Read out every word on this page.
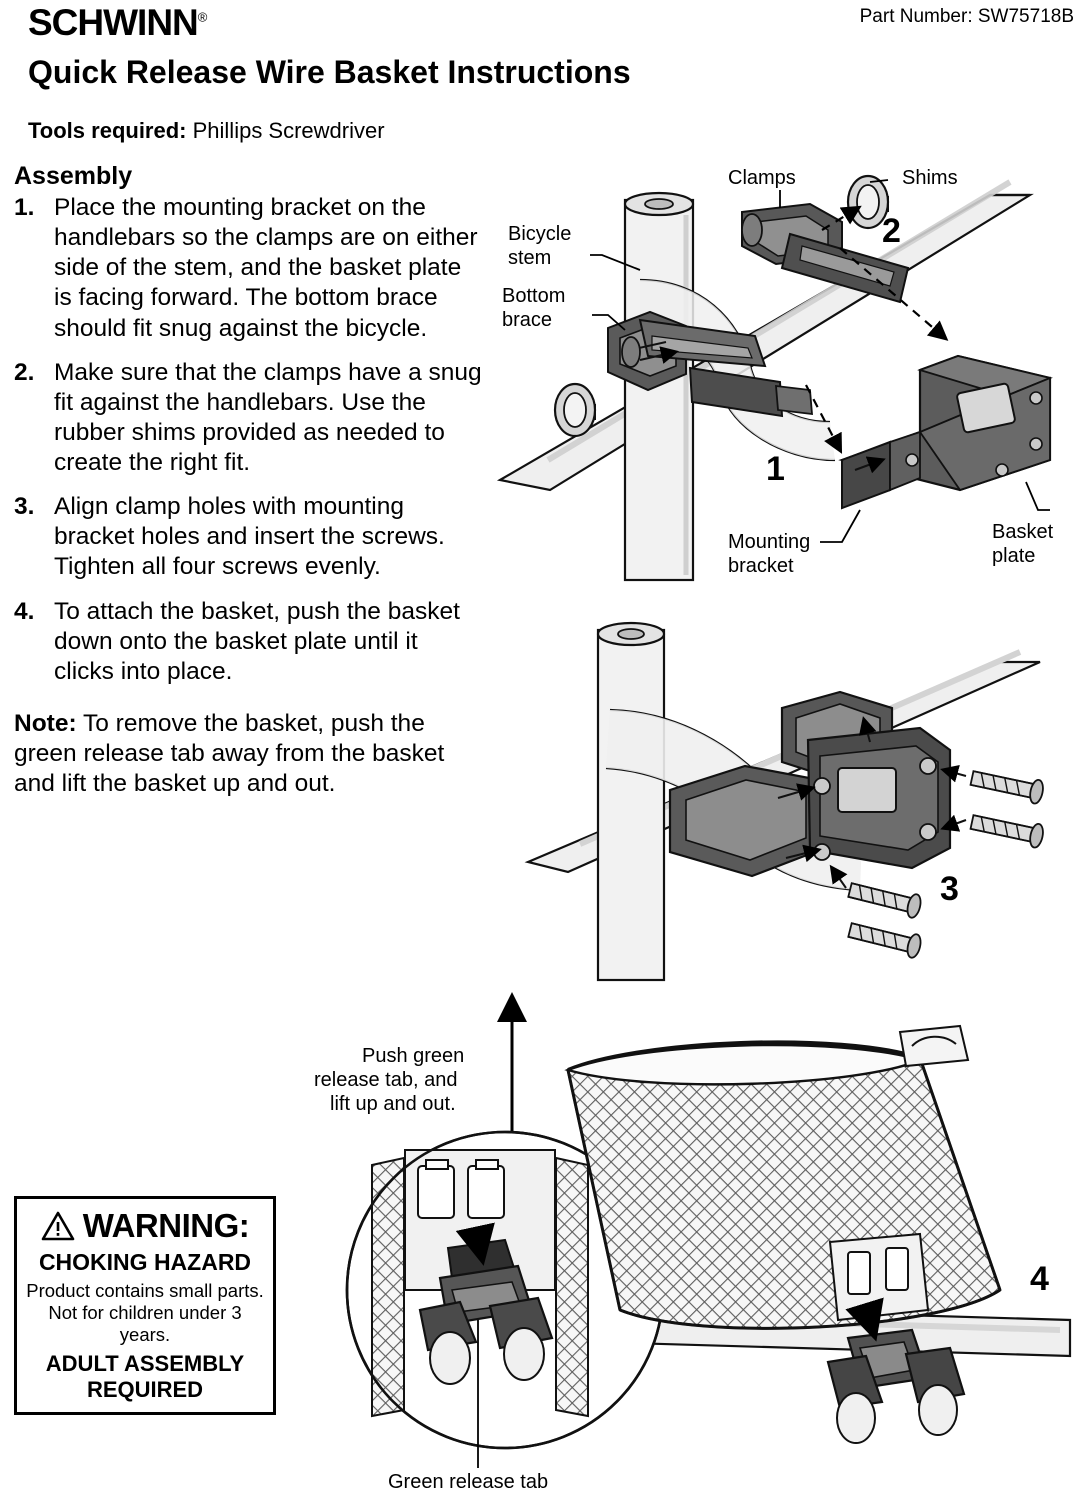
SCHWINN®	Part Number: SW75718B
Quick Release Wire Basket Instructions
Tools required: Phillips Screwdriver
Assembly
1. Place the mounting bracket on the handlebars so the clamps are on either side of the stem, and the basket plate is facing forward. The bottom brace should fit snug against the bicycle.
2. Make sure that the clamps have a snug fit against the handlebars. Use the rubber shims provided as needed to create the right fit.
3. Align clamp holes with mounting bracket holes and insert the screws. Tighten all four screws evenly.
4. To attach the basket, push the basket down onto the basket plate until it clicks into place.
Note: To remove the basket, push the green release tab away from the basket and lift the basket up and out.
WARNING:
CHOKING HAZARD
Product contains small parts. Not for children under 3 years.
ADULT ASSEMBLY
REQUIRED
Clamps	Shims
Bicycle
stem
Bottom
brace
Mounting
bracket
Basket
plate
2
1
3
Push green
release tab, and
lift up and out.
Green release tab
4
